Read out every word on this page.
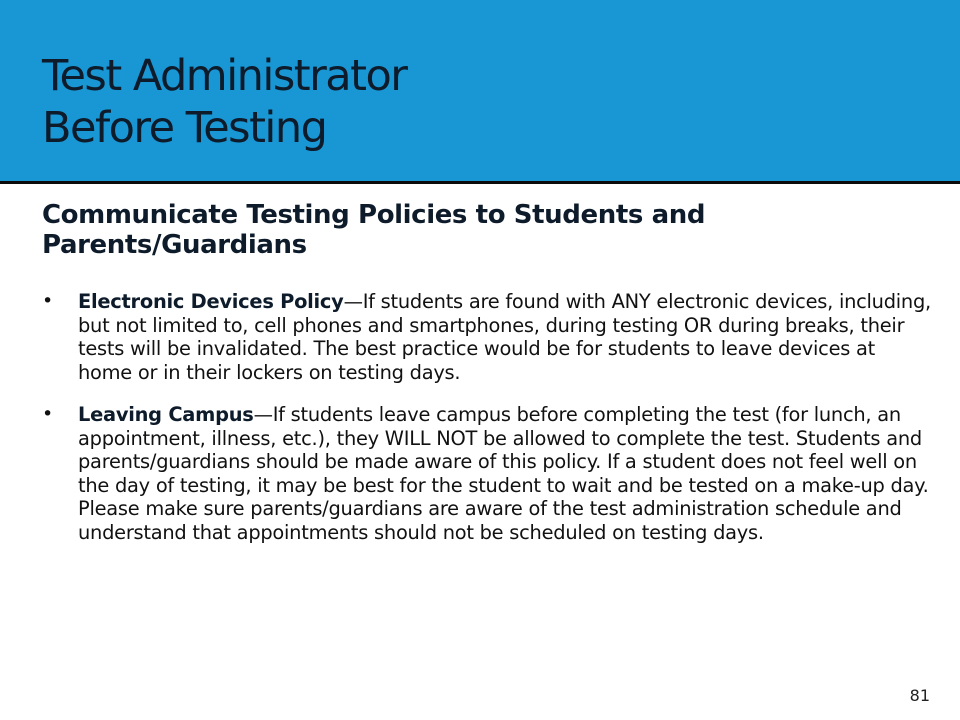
Test Administrator
Before Testing
Communicate Testing Policies to Students and Parents/Guardians
• Electronic Devices Policy—If students are found with ANY electronic devices, including, but not limited to, cell phones and smartphones, during testing OR during breaks, their tests will be invalidated. The best practice would be for students to leave devices at home or in their lockers on testing days.
• Leaving Campus—If students leave campus before completing the test (for lunch, an appointment, illness, etc.), they WILL NOT be allowed to complete the test. Students and parents/guardians should be made aware of this policy. If a student does not feel well on the day of testing, it may be best for the student to wait and be tested on a make-up day. Please make sure parents/guardians are aware of the test administration schedule and understand that appointments should not be scheduled on testing days.
81
